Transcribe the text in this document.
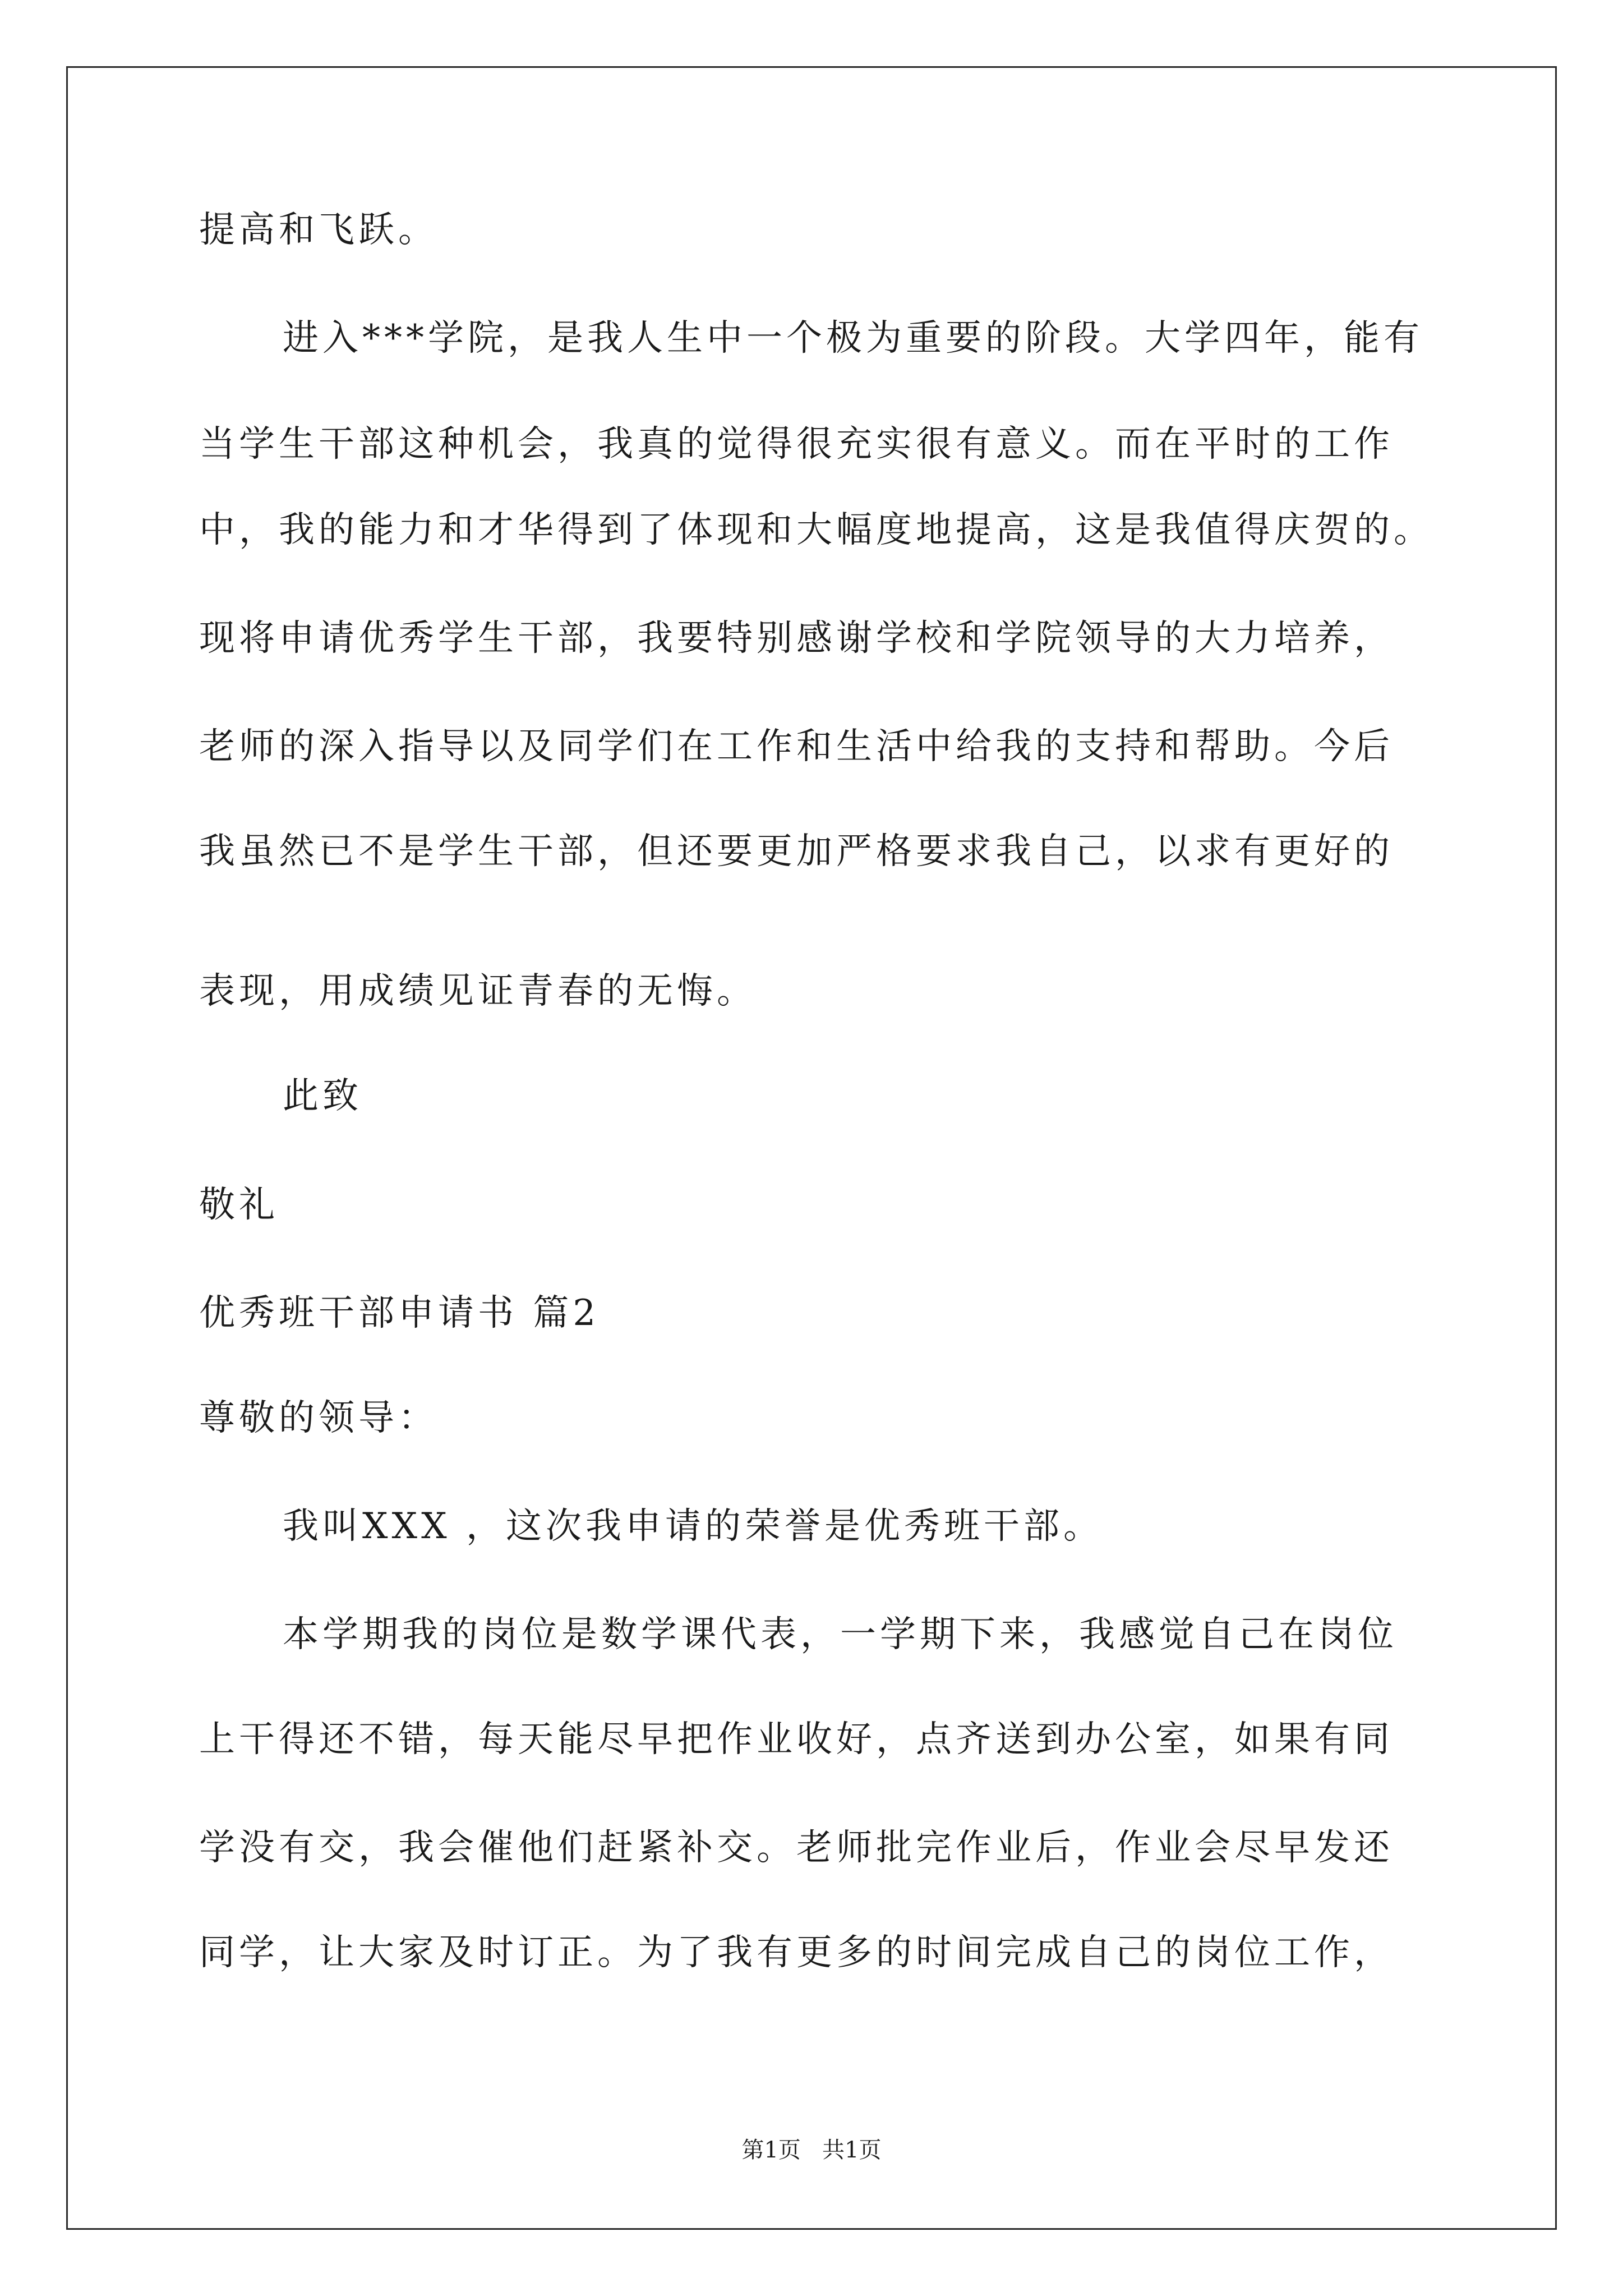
提高和飞跃。
进入***学院，是我人生中一个极为重要的阶段。大学四年，能有
当学生干部这种机会，我真的觉得很充实很有意义。而在平时的工作
中，我的能力和才华得到了体现和大幅度地提高，这是我值得庆贺的。
现将申请优秀学生干部，我要特别感谢学校和学院领导的大力培养，
老师的深入指导以及同学们在工作和生活中给我的支持和帮助。今后
我虽然已不是学生干部，但还要更加严格要求我自己，以求有更好的
表现，用成绩见证青春的无悔。
此致
敬礼
优秀班干部申请书 篇2
尊敬的领导：
我叫XXX ，这次我申请的荣誉是优秀班干部。
本学期我的岗位是数学课代表，一学期下来，我感觉自己在岗位
上干得还不错，每天能尽早把作业收好，点齐送到办公室，如果有同
学没有交，我会催他们赶紧补交。老师批完作业后，作业会尽早发还
同学，让大家及时订正。为了我有更多的时间完成自己的岗位工作，
第1页   共1页
